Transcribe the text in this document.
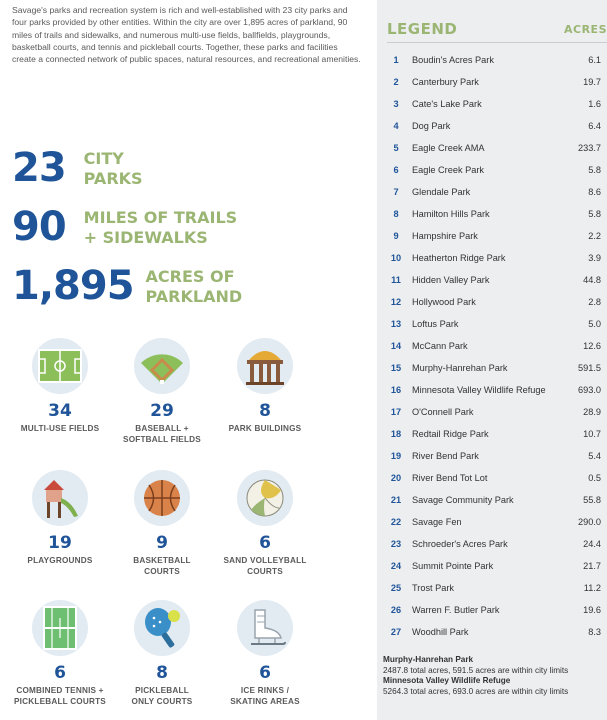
Savage's parks and recreation system is rich and well-established with 23 city parks and four parks provided by other entities. Within the city are over 1,895 acres of parkland, 90 miles of trails and sidewalks, and numerous multi-use fields, ballfields, playgrounds, basketball courts, and tennis and pickleball courts. Together, these parks and facilities create a connected network of public spaces, natural resources, and recreational amenities.
23 CITY
PARKS
90 MILES OF TRAILS
+ SIDEWALKS
1,895 ACRES OF
PARKLAND
34
MULTI-USE FIELDS
29
BASEBALL +
SOFTBALL FIELDS
8
PARK BUILDINGS
19
PLAYGROUNDS
9
BASKETBALL
COURTS
6
SAND VOLLEYBALL
COURTS
6
COMBINED TENNIS +
PICKLEBALL COURTS
8
PICKLEBALL
ONLY COURTS
6
ICE RINKS /
SKATING AREAS
LEGEND	ACRES
1	Boudin's Acres Park	6.1
2	Canterbury Park	19.7
3	Cate's Lake Park	1.6
4	Dog Park	6.4
5	Eagle Creek AMA	233.7
6	Eagle Creek Park	5.8
7	Glendale Park	8.6
8	Hamilton Hills Park	5.8
9	Hampshire Park	2.2
10	Heatherton Ridge Park	3.9
11	Hidden Valley Park	44.8
12	Hollywood Park	2.8
13	Loftus Park	5.0
14	McCann Park	12.6
15	Murphy-Hanrehan Park	591.5
16	Minnesota Valley Wildlife Refuge	693.0
17	O'Connell Park	28.9
18	Redtail Ridge Park	10.7
19	River Bend Park	5.4
20	River Bend Tot Lot	0.5
21	Savage Community Park	55.8
22	Savage Fen	290.0
23	Schroeder's Acres Park	24.4
24	Summit Pointe Park	21.7
25	Trost Park	11.2
26	Warren F. Butler Park	19.6
27	Woodhill Park	8.3
Murphy-Hanrehan Park
2487.8 total acres, 591.5 acres are within city limits
Minnesota Valley Wildlife Refuge
5264.3 total acres, 693.0 acres are within city limits
